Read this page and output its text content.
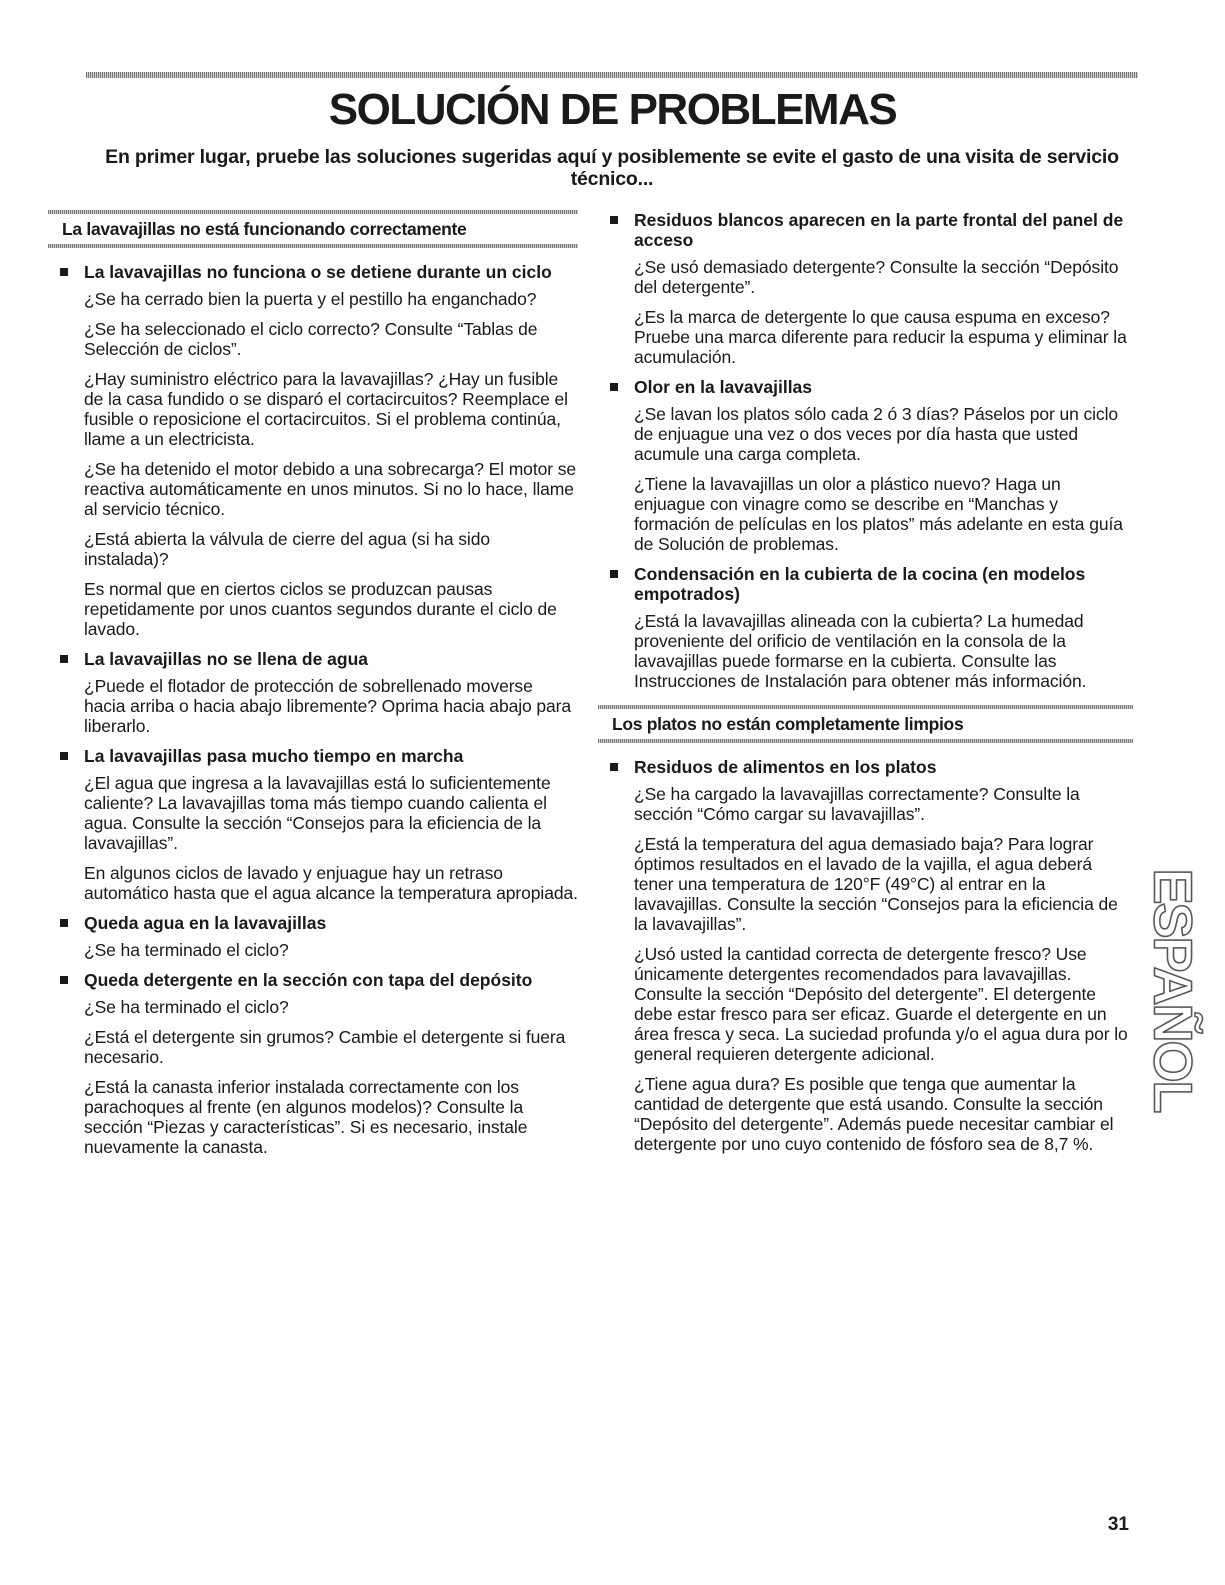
SOLUCIÓN DE PROBLEMAS

En primer lugar, pruebe las soluciones sugeridas aquí y posiblemente se evite el gasto de una visita de servicio técnico...

La lavavajillas no está funcionando correctamente
La lavavajillas no funciona o se detiene durante un ciclo

¿Se ha cerrado bien la puerta y el pestillo ha enganchado?

¿Se ha seleccionado el ciclo correcto? Consulte “Tablas de Selección de ciclos”.

¿Hay suministro eléctrico para la lavavajillas? ¿Hay un fusible de la casa fundido o se disparó el cortacircuitos? Reemplace el fusible o reposicione el cortacircuitos. Si el problema continúa, llame a un electricista.

¿Se ha detenido el motor debido a una sobrecarga? El motor se reactiva automáticamente en unos minutos. Si no lo hace, llame al servicio técnico.

¿Está abierta la válvula de cierre del agua (si ha sido instalada)?

Es normal que en ciertos ciclos se produzcan pausas repetidamente por unos cuantos segundos durante el ciclo de lavado.

La lavavajillas no se llena de agua

¿Puede el flotador de protección de sobrellenado moverse hacia arriba o hacia abajo libremente? Oprima hacia abajo para liberarlo.

La lavavajillas pasa mucho tiempo en marcha

¿El agua que ingresa a la lavavajillas está lo suficientemente caliente? La lavavajillas toma más tiempo cuando calienta el agua. Consulte la sección “Consejos para la eficiencia de la lavavajillas”.

En algunos ciclos de lavado y enjuague hay un retraso automático hasta que el agua alcance la temperatura apropiada.

Queda agua en la lavavajillas

¿Se ha terminado el ciclo?

Queda detergente en la sección con tapa del depósito

¿Se ha terminado el ciclo?

¿Está el detergente sin grumos? Cambie el detergente si fuera necesario.

¿Está la canasta inferior instalada correctamente con los parachoques al frente (en algunos modelos)? Consulte la sección “Piezas y características”. Si es necesario, instale nuevamente la canasta.

Residuos blancos aparecen en la parte frontal del panel de acceso

¿Se usó demasiado detergente? Consulte la sección “Depósito del detergente”.

¿Es la marca de detergente lo que causa espuma en exceso? Pruebe una marca diferente para reducir la espuma y eliminar la acumulación.

Olor en la lavavajillas

¿Se lavan los platos sólo cada 2 ó 3 días? Páselos por un ciclo de enjuague una vez o dos veces por día hasta que usted acumule una carga completa.

¿Tiene la lavavajillas un olor a plástico nuevo? Haga un enjuague con vinagre como se describe en “Manchas y formación de películas en los platos” más adelante en esta guía de Solución de problemas.

Condensación en la cubierta de la cocina (en modelos empotrados)

¿Está la lavavajillas alineada con la cubierta? La humedad proveniente del orificio de ventilación en la consola de la lavavajillas puede formarse en la cubierta. Consulte las Instrucciones de Instalación para obtener más información.

Los platos no están completamente limpios
Residuos de alimentos en los platos

¿Se ha cargado la lavavajillas correctamente? Consulte la sección “Cómo cargar su lavavajillas”.

¿Está la temperatura del agua demasiado baja? Para lograr óptimos resultados en el lavado de la vajilla, el agua deberá tener una temperatura de 120°F (49°C) al entrar en la lavavajillas. Consulte la sección “Consejos para la eficiencia de la lavavajillas”.

¿Usó usted la cantidad correcta de detergente fresco? Use únicamente detergentes recomendados para lavavajillas. Consulte la sección “Depósito del detergente”. El detergente debe estar fresco para ser eficaz. Guarde el detergente en un área fresca y seca. La suciedad profunda y/o el agua dura por lo general requieren detergente adicional.

¿Tiene agua dura? Es posible que tenga que aumentar la cantidad de detergente que está usando. Consulte la sección “Depósito del detergente”. Además puede necesitar cambiar el detergente por uno cuyo contenido de fósforo sea de 8,7 %.

ESPAÑOL
31
